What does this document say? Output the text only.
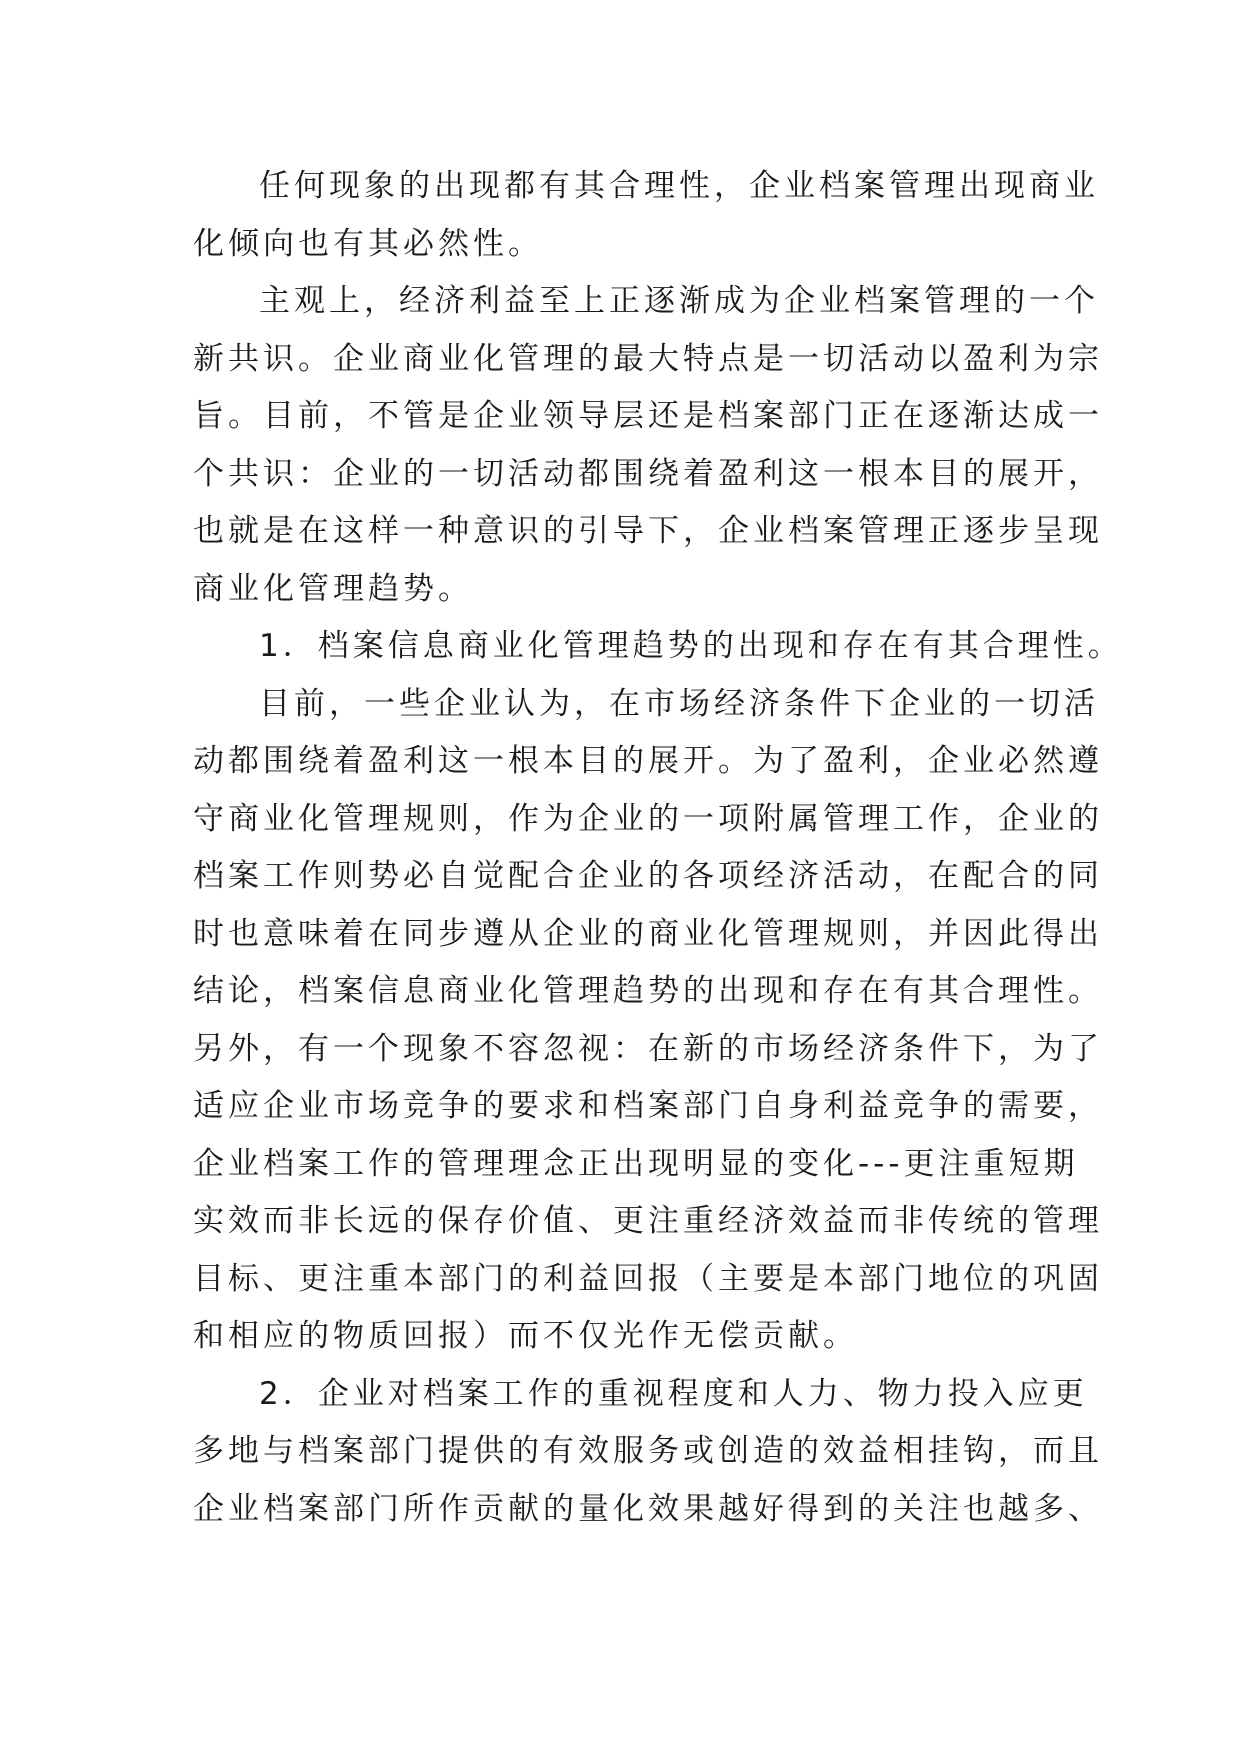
任何现象的出现都有其合理性，企业档案管理出现商业
化倾向也有其必然性。
主观上，经济利益至上正逐渐成为企业档案管理的一个
新共识。企业商业化管理的最大特点是一切活动以盈利为宗
旨。目前，不管是企业领导层还是档案部门正在逐渐达成一
个共识：企业的一切活动都围绕着盈利这一根本目的展开，
也就是在这样一种意识的引导下，企业档案管理正逐步呈现
商业化管理趋势。
1．档案信息商业化管理趋势的出现和存在有其合理性。
目前，一些企业认为，在市场经济条件下企业的一切活
动都围绕着盈利这一根本目的展开。为了盈利，企业必然遵
守商业化管理规则，作为企业的一项附属管理工作，企业的
档案工作则势必自觉配合企业的各项经济活动，在配合的同
时也意味着在同步遵从企业的商业化管理规则，并因此得出
结论，档案信息商业化管理趋势的出现和存在有其合理性。
另外，有一个现象不容忽视：在新的市场经济条件下，为了
适应企业市场竞争的要求和档案部门自身利益竞争的需要，
企业档案工作的管理理念正出现明显的变化---更注重短期
实效而非长远的保存价值、更注重经济效益而非传统的管理
目标、更注重本部门的利益回报（主要是本部门地位的巩固
和相应的物质回报）而不仅光作无偿贡献。
2．企业对档案工作的重视程度和人力、物力投入应更
多地与档案部门提供的有效服务或创造的效益相挂钩，而且
企业档案部门所作贡献的量化效果越好得到的关注也越多、
